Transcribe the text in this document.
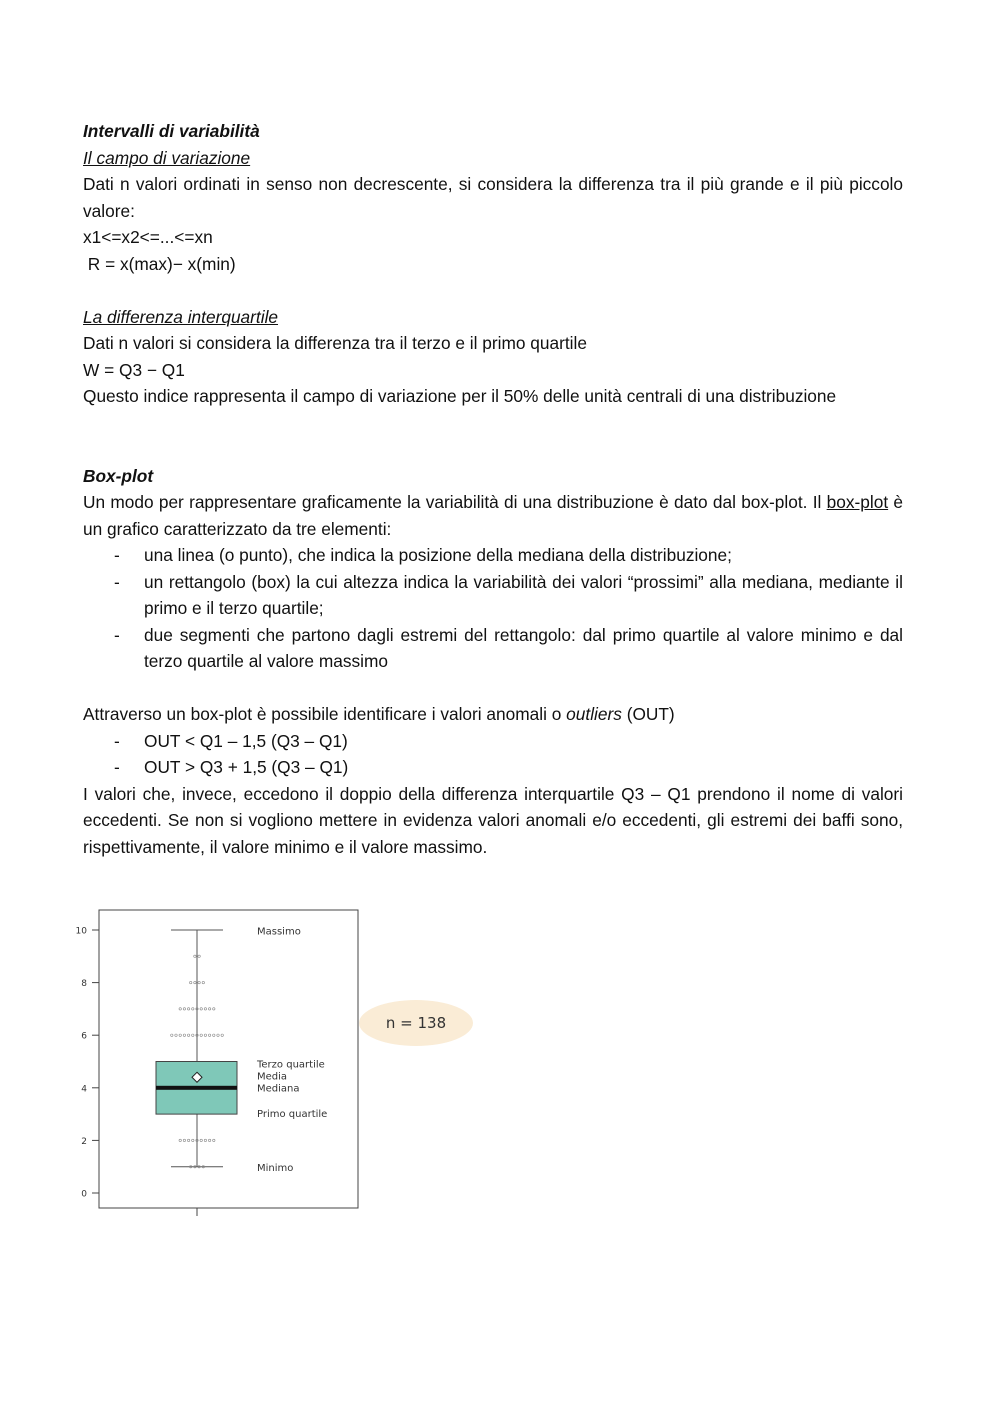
Intervalli di variabilità

Il campo di variazione

Dati n valori ordinati in senso non decrescente, si considera la differenza tra il più grande e il più piccolo valore:

x1<=x2<=...<=xn

R = x(max)− x(min)

La differenza interquartile

Dati n valori si considera la differenza tra il terzo e il primo quartile

W = Q3 − Q1

Questo indice rappresenta il campo di variazione per il 50% delle unità centrali di una distribuzione

Box-plot

Un modo per rappresentare graficamente la variabilità di una distribuzione è dato dal box-plot. Il box-plot è un grafico caratterizzato da tre elementi:

- una linea (o punto), che indica la posizione della mediana della distribuzione;
- un rettangolo (box) la cui altezza indica la variabilità dei valori “prossimi” alla mediana, mediante il primo e il terzo quartile;
- due segmenti che partono dagli estremi del rettangolo: dal primo quartile al valore minimo e dal terzo quartile al valore massimo

Attraverso un box-plot è possibile identificare i valori anomali o outliers (OUT)

- OUT < Q1 – 1,5 (Q3 – Q1)
- OUT > Q3 + 1,5 (Q3 – Q1)

I valori che, invece, eccedono il doppio della differenza interquartile Q3 – Q1 prendono il nome di valori eccedenti. Se non si vogliono mettere in evidenza valori anomali e/o eccedenti, gli estremi dei baffi sono, rispettivamente, il valore minimo e il valore massimo.

0
2
4
6
8
10	Massimo
Terzo quartile
Media
Mediana
Primo quartile
Minimo
n = 138
